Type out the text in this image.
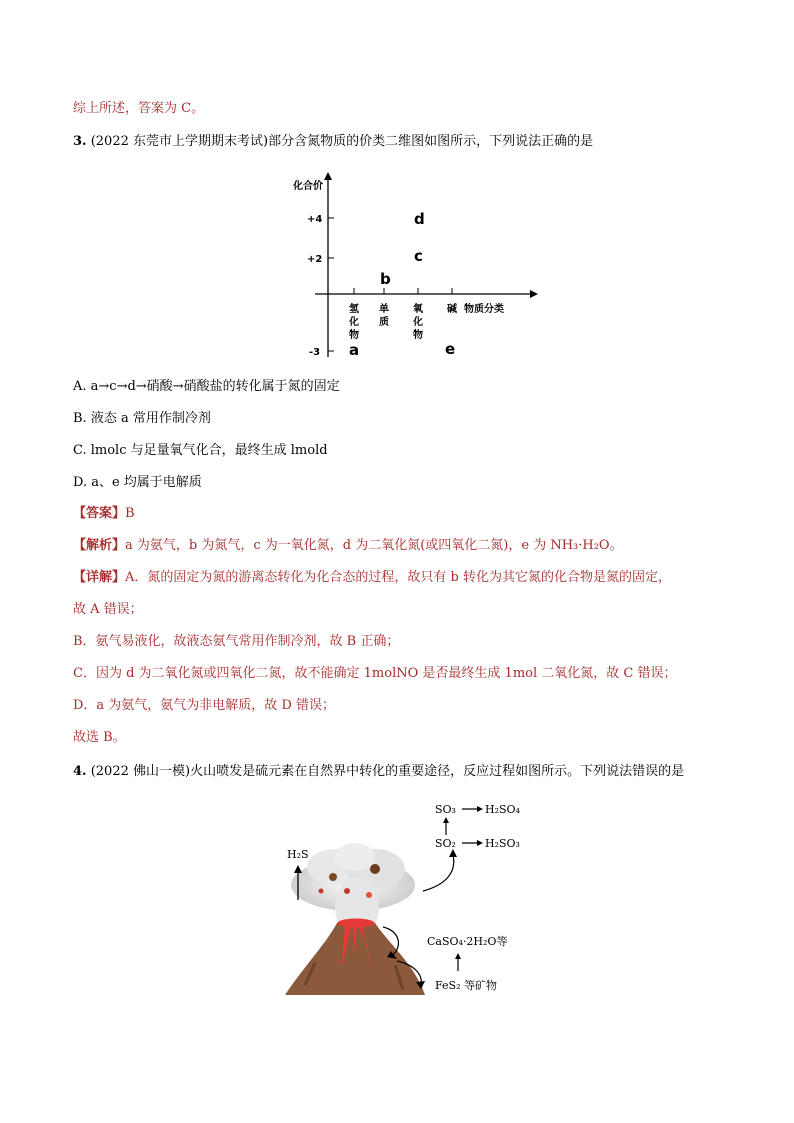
综上所述，答案为 C。
3. (2022 东莞市上学期期末考试)部分含氮物质的价类二维图如图所示，下列说法正确的是
化合价
+4
+2
-3
氢
化
物
单
质
氧
化
物
碱 物质分类
d
c
b
a	e
A. a→c→d→硝酸→硝酸盐的转化属于氮的固定
B. 液态 a 常用作制冷剂
C. lmolc 与足量氧气化合，最终生成 lmold
D. a、e 均属于电解质
【答案】B
【解析】a 为氨气，b 为氮气，c 为一氧化氮，d 为二氧化氮(或四氧化二氮)，e 为 NH₃·H₂O。
【详解】A．氮的固定为氮的游离态转化为化合态的过程，故只有 b 转化为其它氮的化合物是氮的固定，
故 A 错误；
B．氨气易液化，故液态氨气常用作制冷剂，故 B 正确；
C．因为 d 为二氧化氮或四氧化二氮，故不能确定 1molNO 是否最终生成 1mol 二氧化氮，故 C 错误；
D．a 为氨气，氨气为非电解质，故 D 错误；
故选 B。
4. (2022 佛山一模)火山喷发是硫元素在自然界中转化的重要途径，反应过程如图所示。下列说法错误的是
H₂S
SO₃	H₂SO₄
SO₂	H₂SO₃
CaSO₄·2H₂O等
FeS₂ 等矿物
